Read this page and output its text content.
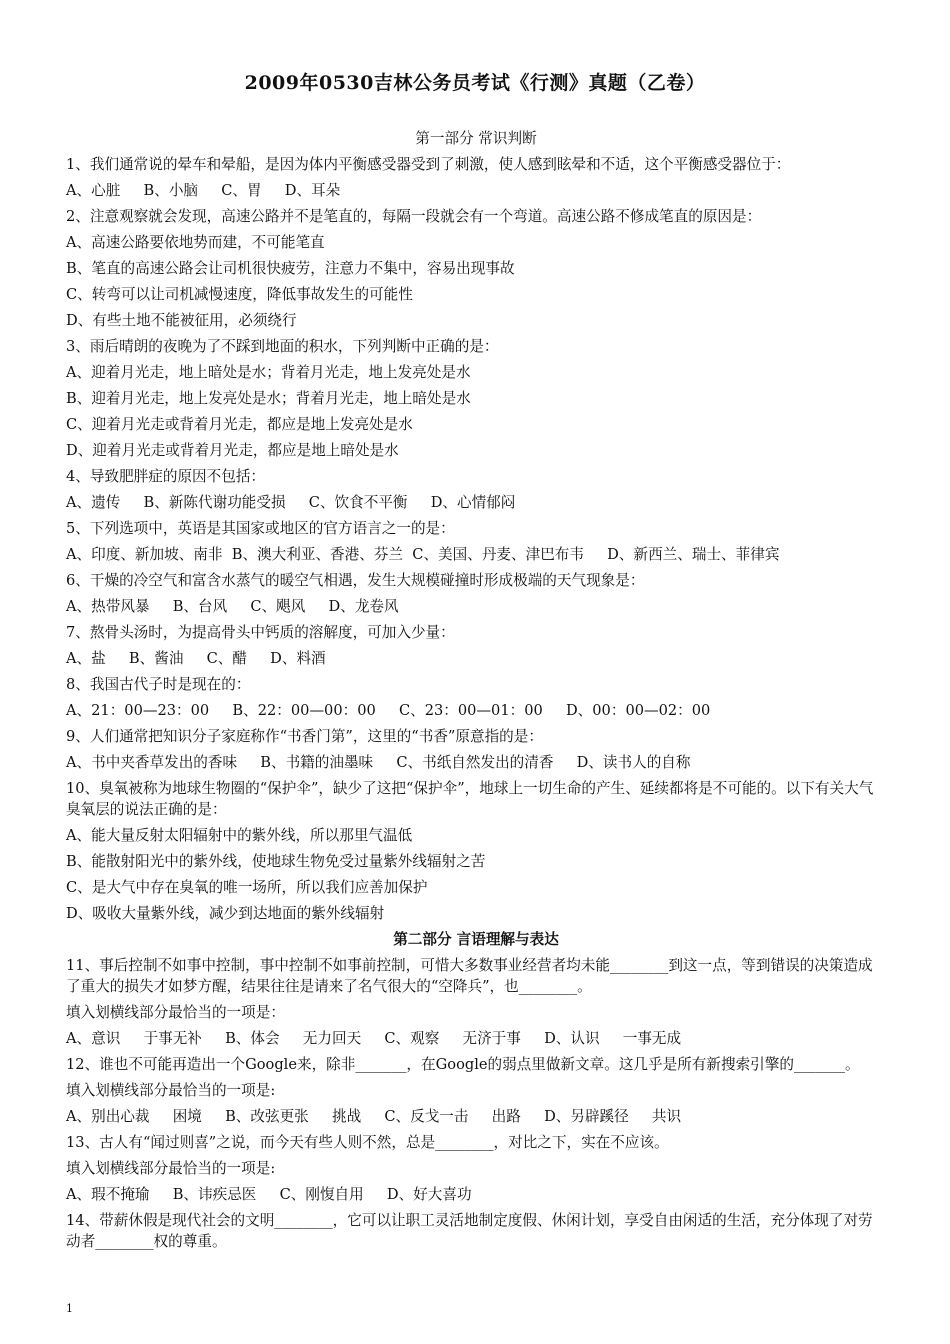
2009年0530吉林公务员考试《行测》真题（乙卷）
第一部分 常识判断
1、我们通常说的晕车和晕船，是因为体内平衡感受器受到了刺激，使人感到眩晕和不适，这个平衡感受器位于：
A、心脏     B、小脑     C、胃     D、耳朵
2、注意观察就会发现，高速公路并不是笔直的，每隔一段就会有一个弯道。高速公路不修成笔直的原因是：
A、高速公路要依地势而建，不可能笔直
B、笔直的高速公路会让司机很快疲劳，注意力不集中，容易出现事故
C、转弯可以让司机减慢速度，降低事故发生的可能性
D、有些土地不能被征用，必须绕行
3、雨后晴朗的夜晚为了不踩到地面的积水，下列判断中正确的是：
A、迎着月光走，地上暗处是水；背着月光走，地上发亮处是水
B、迎着月光走，地上发亮处是水；背着月光走，地上暗处是水
C、迎着月光走或背着月光走，都应是地上发亮处是水
D、迎着月光走或背着月光走，都应是地上暗处是水
4、导致肥胖症的原因不包括：
A、遗传     B、新陈代谢功能受损     C、饮食不平衡     D、心情郁闷
5、下列选项中，英语是其国家或地区的官方语言之一的是：
A、印度、新加坡、南非  B、澳大利亚、香港、芬兰  C、美国、丹麦、津巴布韦     D、新西兰、瑞士、菲律宾
6、干燥的冷空气和富含水蒸气的暖空气相遇，发生大规模碰撞时形成极端的天气现象是：
A、热带风暴     B、台风     C、飓风     D、龙卷风
7、熬骨头汤时，为提高骨头中钙质的溶解度，可加入少量：
A、盐     B、酱油     C、醋     D、料酒
8、我国古代子时是现在的：
A、21：00—23：00     B、22：00—00：00     C、23：00—01：00     D、00：00—02：00
9、人们通常把知识分子家庭称作“书香门第”，这里的“书香”原意指的是：
A、书中夹香草发出的香味     B、书籍的油墨味     C、书纸自然发出的清香     D、读书人的自称
10、臭氧被称为地球生物圈的“保护伞”，缺少了这把“保护伞”，地球上一切生命的产生、延续都将是不可能的。以下有关大气臭氧层的说法正确的是：
A、能大量反射太阳辐射中的紫外线，所以那里气温低
B、能散射阳光中的紫外线，使地球生物免受过量紫外线辐射之苦
C、是大气中存在臭氧的唯一场所，所以我们应善加保护
D、吸收大量紫外线，减少到达地面的紫外线辐射
第二部分 言语理解与表达
11、事后控制不如事中控制，事中控制不如事前控制，可惜大多数事业经营者均未能________到这一点，等到错误的决策造成了重大的损失才如梦方醒，结果往往是请来了名气很大的“空降兵”，也________。
填入划横线部分最恰当的一项是：
A、意识     于事无补     B、体会     无力回天     C、观察     无济于事     D、认识     一事无成
12、谁也不可能再造出一个Google来，除非_______，在Google的弱点里做新文章。这几乎是所有新搜索引擎的_______。
填入划横线部分最恰当的一项是:
A、别出心裁     困境     B、改弦更张     挑战     C、反戈一击     出路     D、另辟蹊径     共识
13、古人有“闻过则喜”之说，而今天有些人则不然，总是________，对比之下，实在不应该。
填入划横线部分最恰当的一项是:
A、瑕不掩瑜     B、讳疾忌医     C、刚愎自用     D、好大喜功
14、带薪休假是现代社会的文明________，它可以让职工灵活地制定度假、休闲计划，享受自由闲适的生活，充分体现了对劳动者________权的尊重。
1
